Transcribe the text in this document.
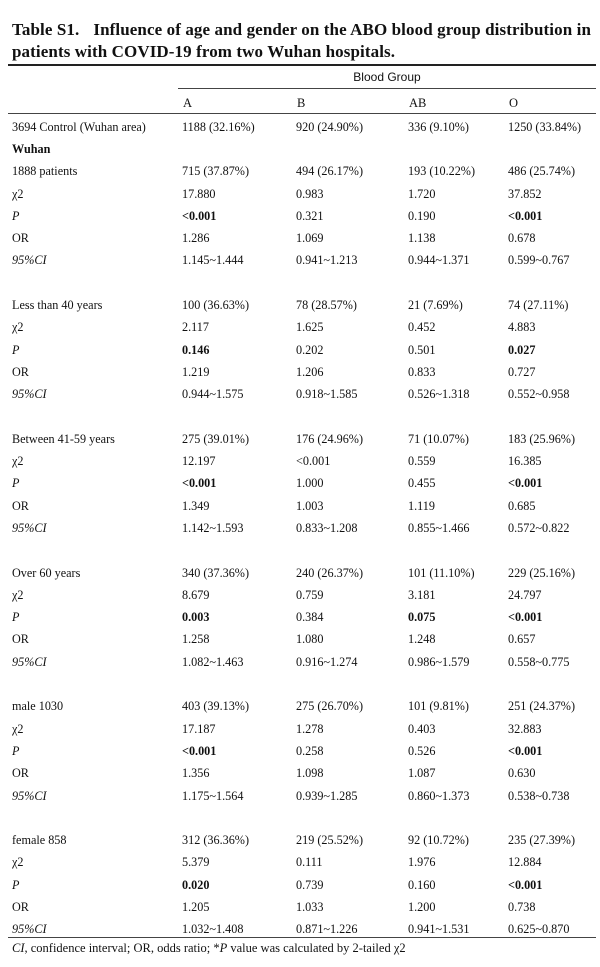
Table S1. Influence of age and gender on the ABO blood group distribution in patients with COVID-19 from two Wuhan hospitals.
Blood Group
A	B	AB	O
3694 Control (Wuhan area)	1188 (32.16%)	920 (24.90%)	336 (9.10%)	1250 (33.84%)
Wuhan				
1888 patients	715 (37.87%)	494 (26.17%)	193 (10.22%)	486 (25.74%)
χ2	17.880	0.983	1.720	37.852
P	<0.001	0.321	0.190	<0.001
OR	1.286	1.069	1.138	0.678
95%CI	1.145~1.444	0.941~1.213	0.944~1.371	0.599~0.767

Less than 40 years	100 (36.63%)	78 (28.57%)	21 (7.69%)	74 (27.11%)
χ2	2.117	1.625	0.452	4.883
P	0.146	0.202	0.501	0.027
OR	1.219	1.206	0.833	0.727
95%CI	0.944~1.575	0.918~1.585	0.526~1.318	0.552~0.958

Between 41-59 years	275 (39.01%)	176 (24.96%)	71 (10.07%)	183 (25.96%)
χ2	12.197	<0.001	0.559	16.385
P	<0.001	1.000	0.455	<0.001
OR	1.349	1.003	1.119	0.685
95%CI	1.142~1.593	0.833~1.208	0.855~1.466	0.572~0.822

Over 60 years	340 (37.36%)	240 (26.37%)	101 (11.10%)	229 (25.16%)
χ2	8.679	0.759	3.181	24.797
P	0.003	0.384	0.075	<0.001
OR	1.258	1.080	1.248	0.657
95%CI	1.082~1.463	0.916~1.274	0.986~1.579	0.558~0.775

male 1030	403 (39.13%)	275 (26.70%)	101 (9.81%)	251 (24.37%)
χ2	17.187	1.278	0.403	32.883
P	<0.001	0.258	0.526	<0.001
OR	1.356	1.098	1.087	0.630
95%CI	1.175~1.564	0.939~1.285	0.860~1.373	0.538~0.738

female 858	312 (36.36%)	219 (25.52%)	92 (10.72%)	235 (27.39%)
χ2	5.379	0.111	1.976	12.884
P	0.020	0.739	0.160	<0.001
OR	1.205	1.033	1.200	0.738
95%CI	1.032~1.408	0.871~1.226	0.941~1.531	0.625~0.870
CI, confidence interval; OR, odds ratio; *P value was calculated by 2-tailed χ2
